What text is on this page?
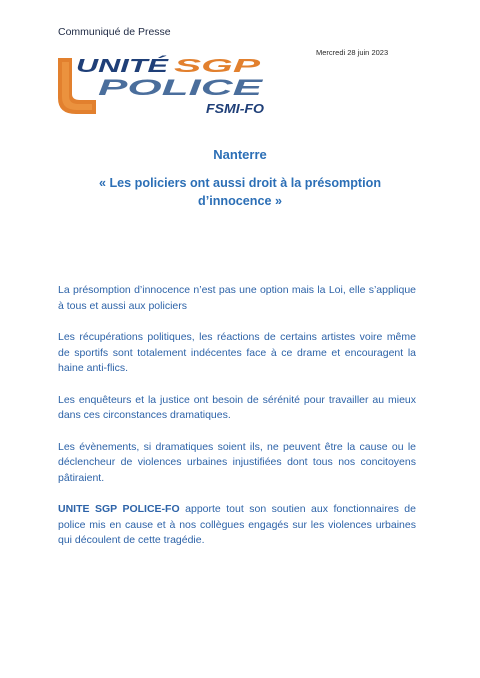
Communiqué de Presse
Mercredi 28 juin 2023
UNITÉ	SGP
POLICE
FSMI-FO
Nanterre
« Les policiers ont aussi droit à la présomption d’innocence »

La présomption d’innocence n’est pas une option mais la Loi, elle s’applique à tous et aussi aux policiers

Les récupérations politiques, les réactions de certains artistes voire même de sportifs sont totalement indécentes face à ce drame et encouragent la haine anti-flics.

Les enquêteurs et la justice ont besoin de sérénité pour travailler au mieux dans ces circonstances dramatiques.

Les évènements, si dramatiques soient ils, ne peuvent être la cause ou le déclencheur de violences urbaines injustifiées dont tous nos concitoyens pâtiraient.

UNITE SGP POLICE-FO apporte tout son soutien aux fonctionnaires de police mis en cause et à nos collègues engagés sur les violences urbaines qui découlent de cette tragédie.
